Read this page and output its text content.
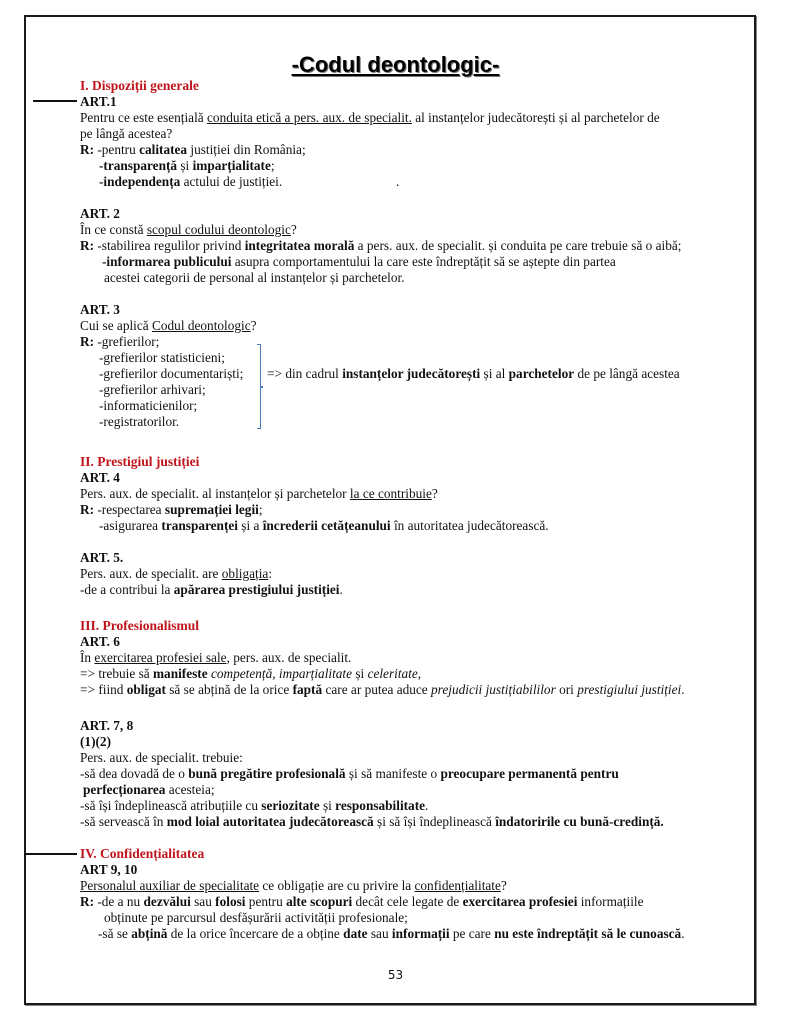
-Codul deontologic-
I. Dispoziții generale
ART.1
Pentru ce este esențială conduita etică a pers. aux. de specialit. al instanțelor judecătorești și al parchetelor de
pe lângă acestea?
R: -pentru calitatea justiției din România;
-transparență și imparțialitate;
-independența actului de justiției.	.
ART. 2
În ce constă scopul codului deontologic?
R: -stabilirea regulilor privind integritatea morală a pers. aux. de specialit. și conduita pe care trebuie să o aibă;
-informarea publicului asupra comportamentului la care este îndreptățit să se aștepte din partea
acestei categorii de personal al instanțelor și parchetelor.
ART. 3
Cui se aplică Codul deontologic?
R: -grefierilor;
-grefierilor statisticieni;
-grefierilor documentariști;
-grefierilor arhivari;
-informaticienilor;
-registratorilor.
=> din cadrul instanțelor judecătorești și al parchetelor de pe lângă acestea
II. Prestigiul justiției
ART. 4
Pers. aux. de specialit. al instanțelor și parchetelor la ce contribuie?
R: -respectarea supremației legii;
-asigurarea transparenței și a încrederii cetățeanului în autoritatea judecătorească.
ART. 5.
Pers. aux. de specialit. are obligația:
-de a contribui la apărarea prestigiului justiției.
III. Profesionalismul
ART. 6
În exercitarea profesiei sale, pers. aux. de specialit.
=> trebuie să manifeste competență, imparțialitate și celeritate,
=> fiind obligat să se abțină de la orice faptă care ar putea aduce prejudicii justițiabililor ori prestigiului justiției.
ART. 7, 8
(1)(2)
Pers. aux. de specialit. trebuie:
-să dea dovadă de o bună pregătire profesională și să manifeste o preocupare permanentă pentru
perfecționarea acesteia;
-să își îndeplinească atribuțiile cu seriozitate și responsabilitate.
-să servească în mod loial autoritatea judecătorească și să își îndeplinească îndatoririle cu bună-credință.
IV. Confidențialitatea
ART 9, 10
Personalul auxiliar de specialitate ce obligație are cu privire la confidențialitate?
R: -de a nu dezvălui sau folosi pentru alte scopuri decât cele legate de exercitarea profesiei informațiile
obținute pe parcursul desfășurării activității profesionale;
-să se abțină de la orice încercare de a obține date sau informații pe care nu este îndreptățit să le cunoască.
53
